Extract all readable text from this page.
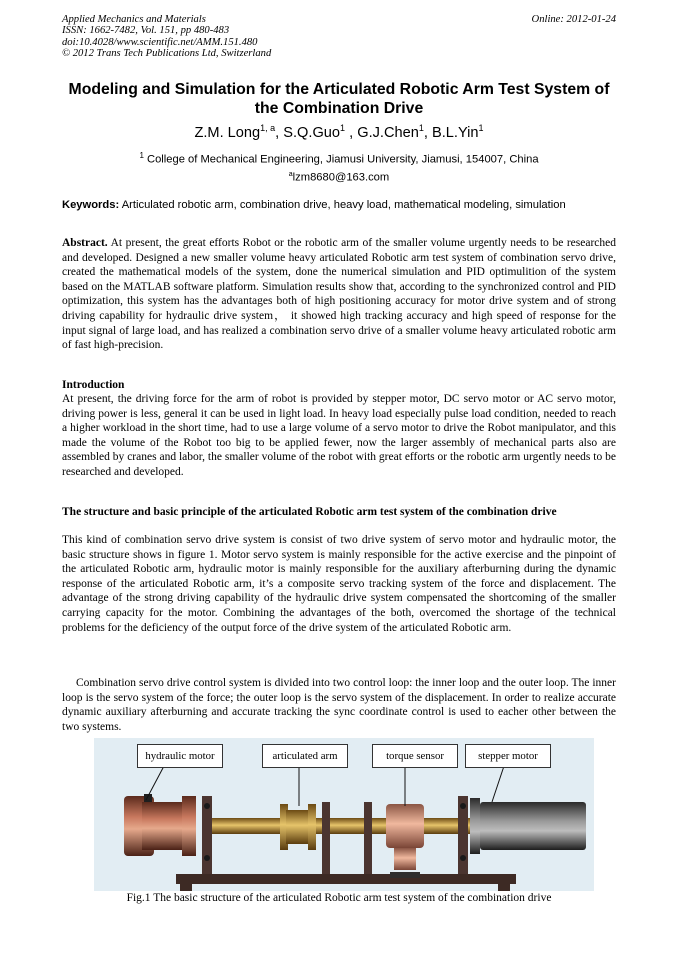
Applied Mechanics and Materials
ISSN: 1662-7482, Vol. 151, pp 480-483
doi:10.4028/www.scientific.net/AMM.151.480
© 2012 Trans Tech Publications Ltd, Switzerland
Online: 2012-01-24
Modeling and Simulation for the Articulated Robotic Arm Test System of the Combination Drive
Z.M. Long$^{1, a}$, S.Q.Guo$^1$ , G.J.Chen$^1$, B.L.Yin$^1$
$^1$ College of Mechanical Engineering, Jiamusi University, Jiamusi, 154007, China
$^a$lzm8680@163.com
Keywords: Articulated robotic arm, combination drive, heavy load, mathematical modeling, simulation
Abstract. At present, the great efforts Robot or the robotic arm of the smaller volume urgently needs to be researched and developed. Designed a new smaller volume heavy articulated Robotic arm test system of combination servo drive, created the mathematical models of the system, done the numerical simulation and PID optimulition of the system based on the MATLAB software platform. Simulation results show that, according to the synchronized control and PID optimization, this system has the advantages both of high positioning accuracy for motor drive system and of strong driving capability for hydraulic drive system， it showed high tracking accuracy and high speed of response for the input signal of large load, and has realized a combination servo drive of a smaller volume heavy articulated robotic arm of fast high-precision.
Introduction
At present, the driving force for the arm of robot is provided by stepper motor, DC servo motor or AC servo motor, driving power is less, general it can be used in light load. In heavy load especially pulse load condition, needed to reach a higher workload in the short time, had to use a large volume of a servo motor to drive the Robot manipulator, and this made the volume of the Robot too big to be applied fewer, now the larger assembly of mechanical parts also are assembled by cranes and labor, the smaller volume of the robot with great efforts or the robotic arm urgently needs to be researched and developed.
The structure and basic principle of the articulated Robotic arm test system of the combination drive
This kind of combination servo drive system is consist of two drive system of servo motor and hydraulic motor, the basic structure shows in figure 1. Motor servo system is mainly responsible for the active exercise and the pinpoint of the articulated Robotic arm, hydraulic motor is mainly responsible for the auxiliary afterburning during the dynamic response of the articulated Robotic arm, it’s a composite servo tracking system of the force and displacement. The advantage of the strong driving capability of the hydraulic drive system compensated the shortcoming of the smaller carrying capacity for the motor. Combining the advantages of the both, overcomed the shortage of the technical problems for the deficiency of the output force of the drive system of the articulated Robotic arm.
Combination servo drive control system is divided into two control loop: the inner loop and the outer loop. The inner loop is the servo system of the force; the outer loop is the servo system of the displacement. In order to realize accurate dynamic auxiliary afterburning and accurate tracking the sync coordinate control is used to eacher other between the two systems.
hydraulic motor	articulated arm	torque sensor	stepper motor
Fig.1 The basic structure of the articulated Robotic arm test system of the combination drive
